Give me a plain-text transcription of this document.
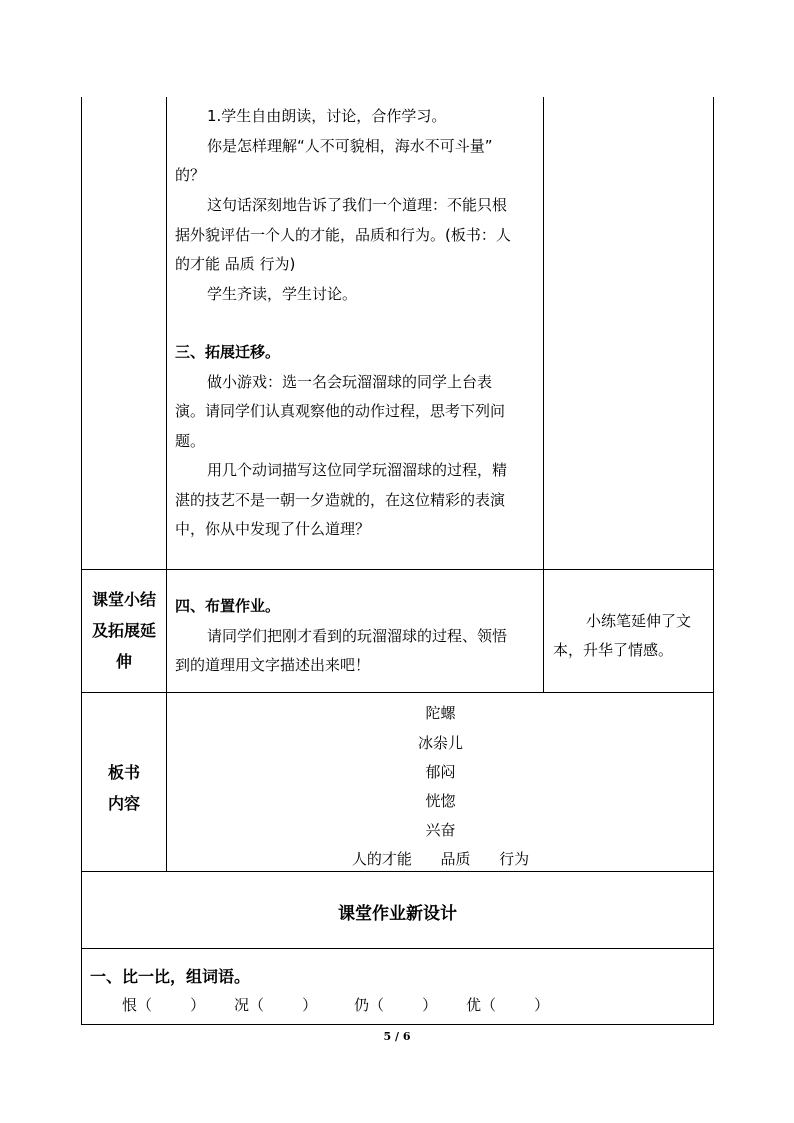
1.学生自由朗读，讨论，合作学习。
你是怎样理解“人不可貌相，海水不可斗量”
的？
这句话深刻地告诉了我们一个道理：不能只根
据外貌评估一个人的才能，品质和行为。(板书：人
的才能 品质 行为)
学生齐读，学生讨论。
三、拓展迁移。
做小游戏：选一名会玩溜溜球的同学上台表
演。请同学们认真观察他的动作过程，思考下列问
题。
用几个动词描写这位同学玩溜溜球的过程，精
湛的技艺不是一朝一夕造就的，在这位精彩的表演
中，你从中发现了什么道理？
课堂小结
及拓展延
伸
四、布置作业。
请同学们把刚才看到的玩溜溜球的过程、领悟
到的道理用文字描述出来吧！
小练笔延伸了文
本，升华了情感。
板书
内容
陀螺
冰尜儿
郁闷
恍惚
兴奋
人的才能      品质      行为
课堂作业新设计
一、比一比，组词语。
恨（        ） 况（        ） 仍（        ） 优（        ）
5 / 6
